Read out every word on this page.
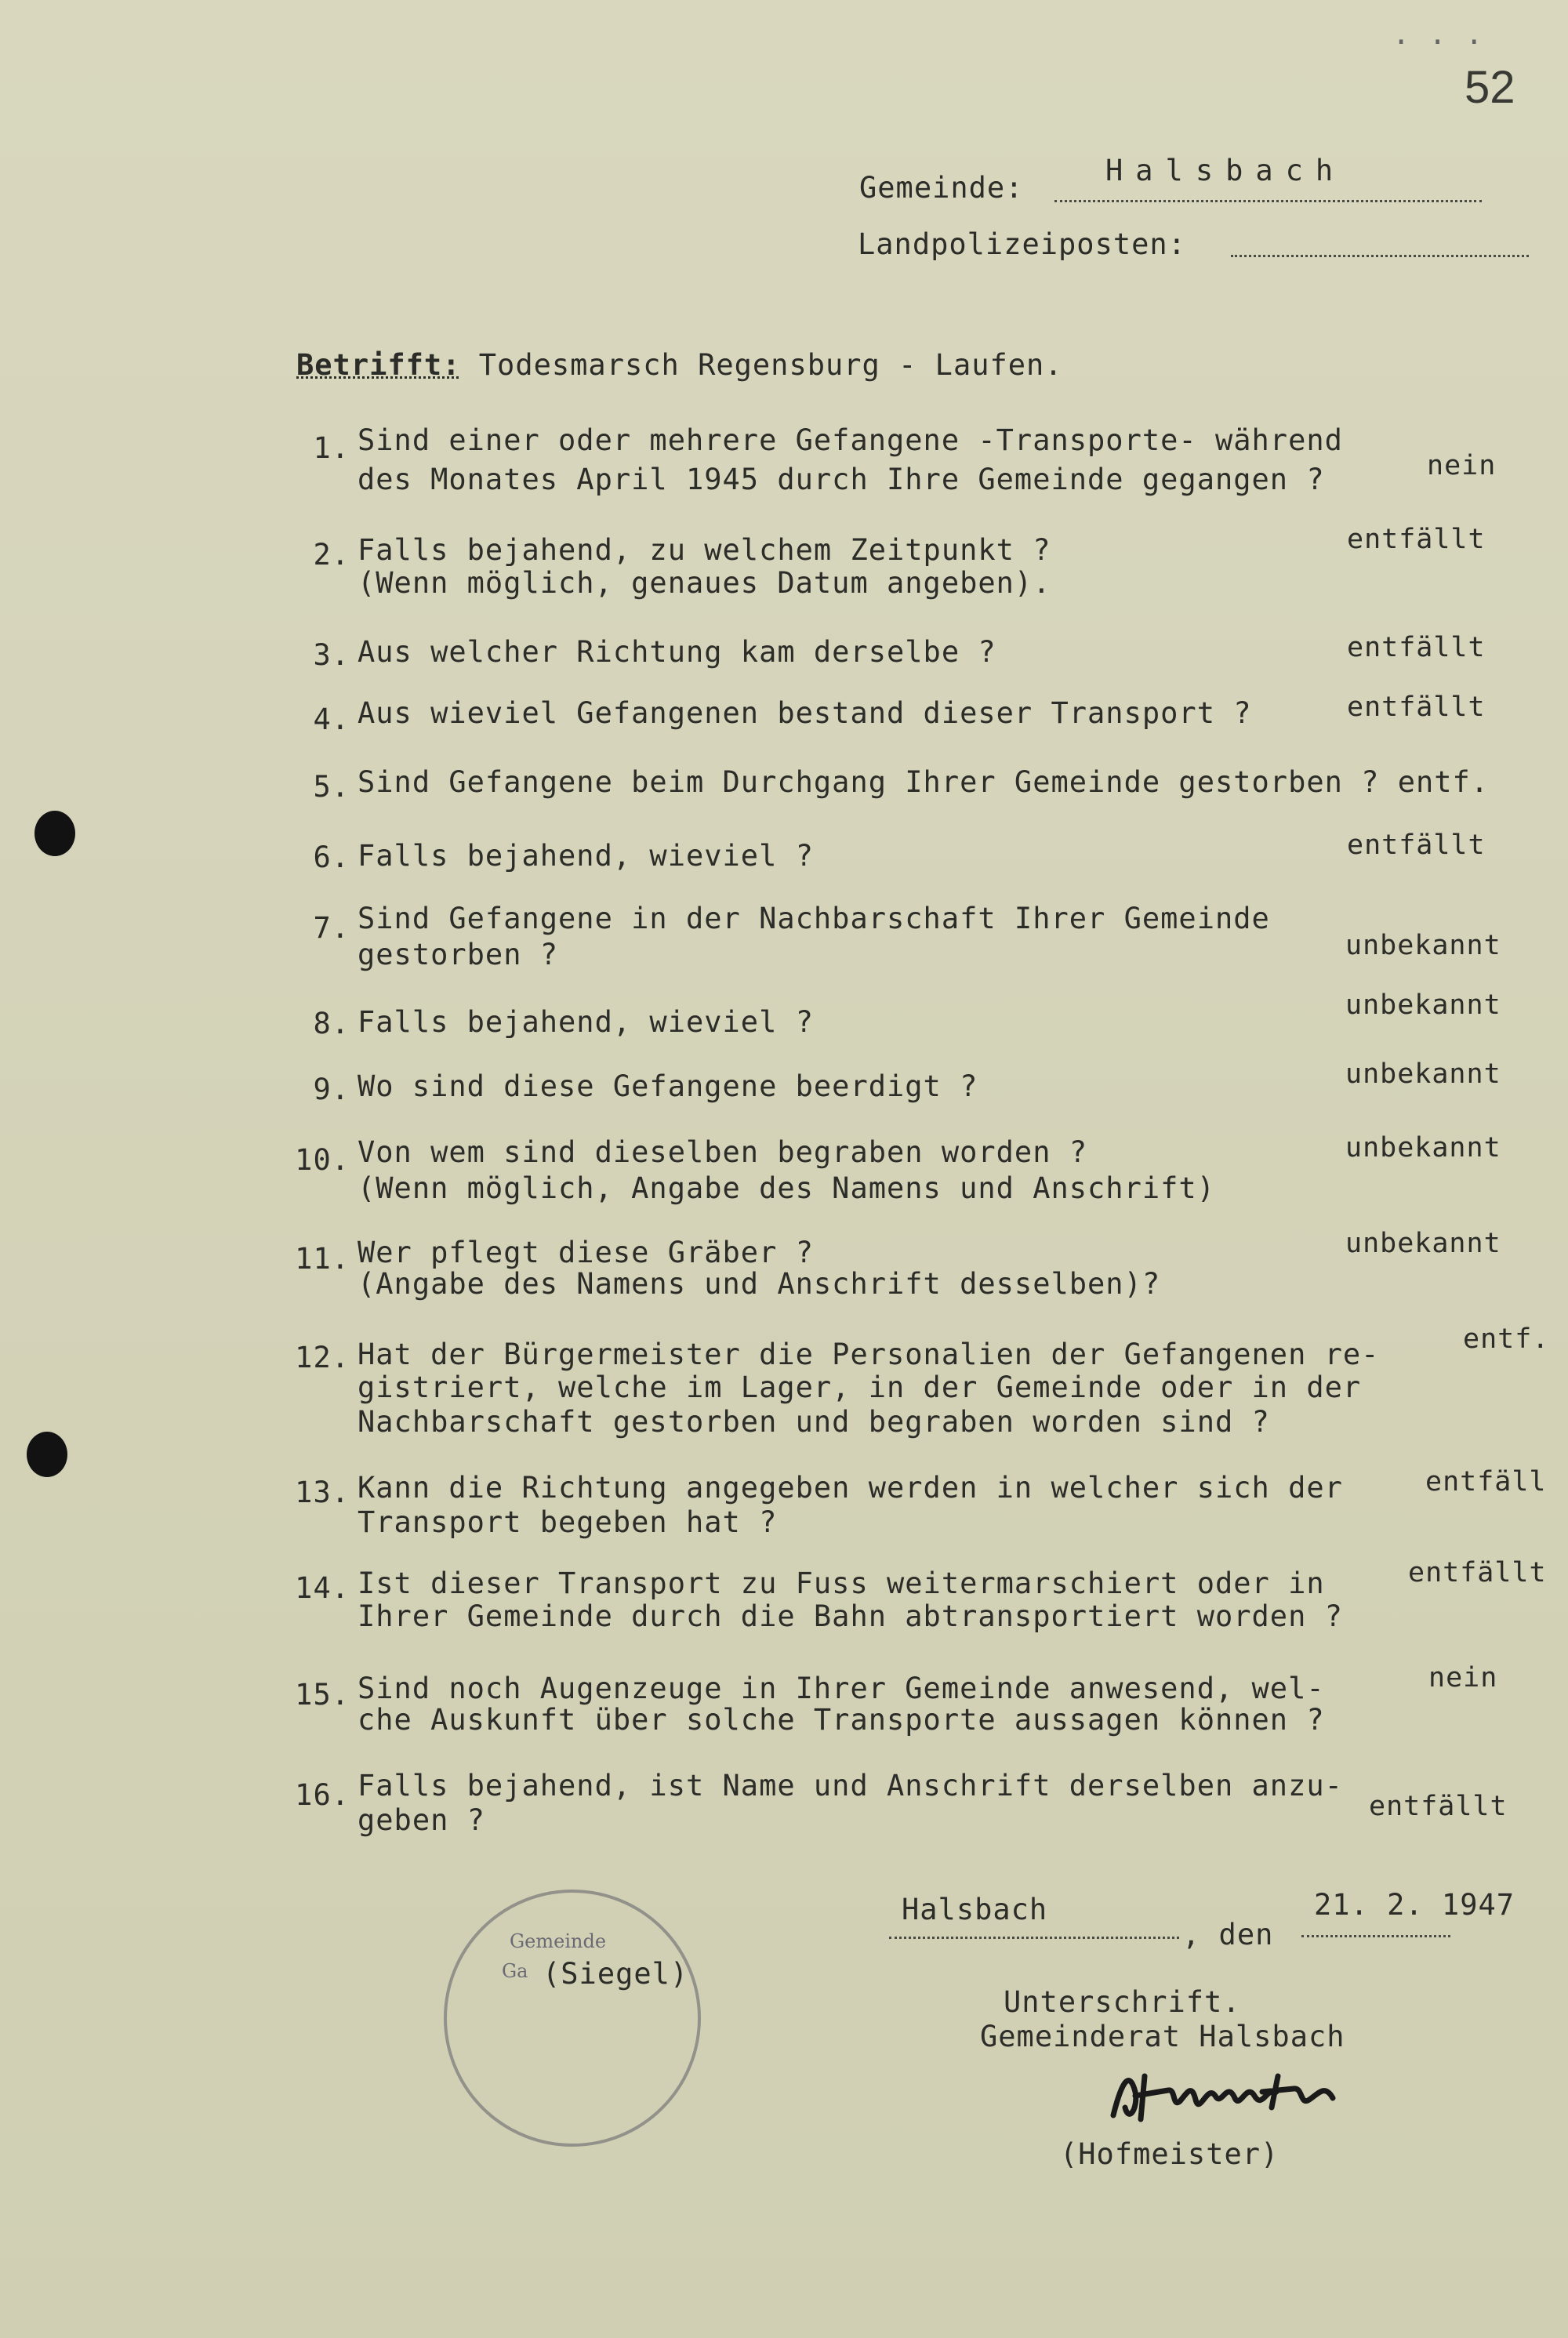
52
. . .
Gemeinde:
Halsbach
Landpolizeiposten:
Betrifft: Todesmarsch Regensburg - Laufen.
1. Sind einer oder mehrere Gefangene -Transporte- während
des Monates April 1945 durch Ihre Gemeinde gegangen ?	nein
2. Falls bejahend, zu welchem Zeitpunkt ?
(Wenn möglich, genaues Datum angeben).
entfällt
3. Aus welcher Richtung kam derselbe ?	entfällt
4. Aus wieviel Gefangenen bestand dieser Transport ?	entfällt
5. Sind Gefangene beim Durchgang Ihrer Gemeinde gestorben ? entf.
6. Falls bejahend, wieviel ?	entfällt
7. Sind Gefangene in der Nachbarschaft Ihrer Gemeinde
gestorben ?	unbekannt
8. Falls bejahend, wieviel ?	unbekannt
9. Wo sind diese Gefangene beerdigt ?	unbekannt
10. Von wem sind dieselben begraben worden ?
(Wenn möglich, Angabe des Namens und Anschrift)
unbekannt
11. Wer pflegt diese Gräber ?
(Angabe des Namens und Anschrift desselben)?
unbekannt
12. Hat der Bürgermeister die Personalien der Gefangenen re-
gistriert, welche im Lager, in der Gemeinde oder in der
Nachbarschaft gestorben und begraben worden sind ?
entf.
13. Kann die Richtung angegeben werden in welcher sich der
Transport begeben hat ?
entfäll
14. Ist dieser Transport zu Fuss weitermarschiert oder in
Ihrer Gemeinde durch die Bahn abtransportiert worden ?
entfällt
15. Sind noch Augenzeuge in Ihrer Gemeinde anwesend, wel-
che Auskunft über solche Transporte aussagen können ?
nein
16. Falls bejahend, ist Name und Anschrift derselben anzu-
geben ?	entfällt
Halsbach
, den
21. 2. 1947
Unterschrift.
Gemeinderat Halsbach
(Hofmeister)
Gemeinde
Ga (Siegel)
